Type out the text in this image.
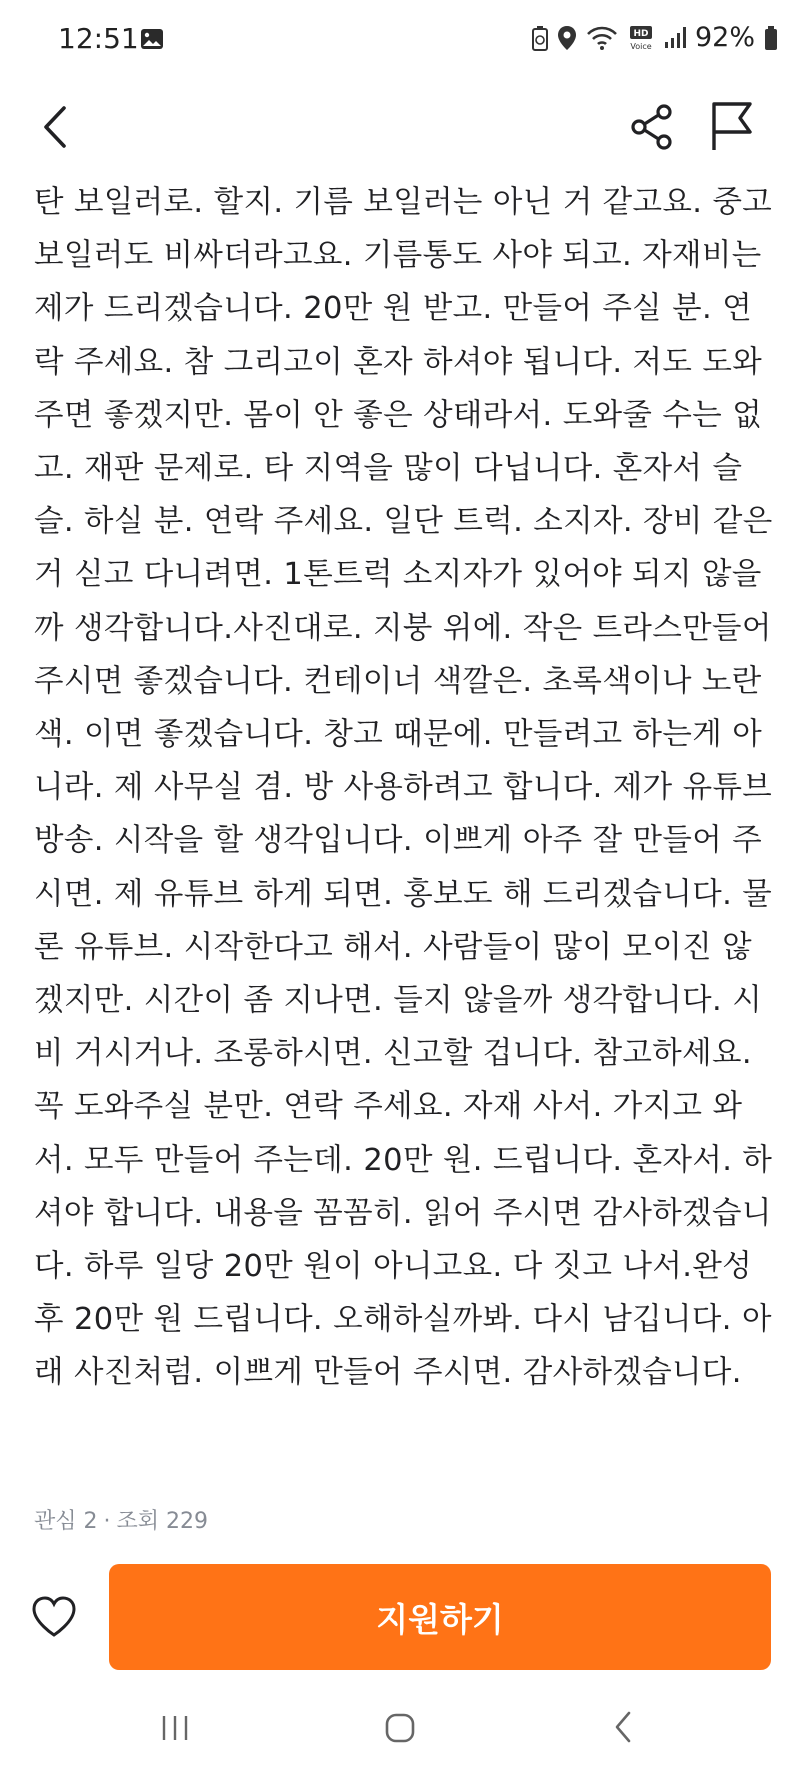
12:51	HD
Voice 92%
탄 보일러로. 할지. 기름 보일러는 아닌 거 같고요. 중고 보일러도 비싸더라고요. 기름통도 사야 되고. 자재비는 제가 드리겠습니다. 20만 원 받고. 만들어 주실 분. 연락 주세요. 참 그리고이 혼자 하셔야 됩니다. 저도 도와주면 좋겠지만. 몸이 안 좋은 상태라서. 도와줄 수는 없고. 재판 문제로. 타 지역을 많이 다닙니다. 혼자서 슬슬. 하실 분. 연락 주세요. 일단 트럭. 소지자. 장비 같은 거 싣고 다니려면. 1톤트럭 소지자가 있어야 되지 않을까 생각합니다.사진대로. 지붕 위에. 작은 트라스만들어 주시면 좋겠습니다. 컨테이너 색깔은. 초록색이나 노란색. 이면 좋겠습니다. 창고 때문에. 만들려고 하는게 아니라. 제 사무실 겸. 방 사용하려고 합니다. 제가 유튜브 방송. 시작을 할 생각입니다. 이쁘게 아주 잘 만들어 주시면. 제 유튜브 하게 되면. 홍보도 해 드리겠습니다. 물론 유튜브. 시작한다고 해서. 사람들이 많이 모이진 않겠지만. 시간이 좀 지나면. 들지 않을까 생각합니다. 시비 거시거나. 조롱하시면. 신고할 겁니다. 참고하세요. 꼭 도와주실 분만. 연락 주세요. 자재 사서. 가지고 와서. 모두 만들어 주는데. 20만 원. 드립니다. 혼자서. 하셔야 합니다. 내용을 꼼꼼히. 읽어 주시면 감사하겠습니다. 하루 일당 20만 원이 아니고요. 다 짓고 나서.완성후 20만 원 드립니다. 오해하실까봐. 다시 남깁니다. 아래 사진처럼. 이쁘게 만들어 주시면. 감사하겠습니다.
관심 2 · 조회 229
지원하기
